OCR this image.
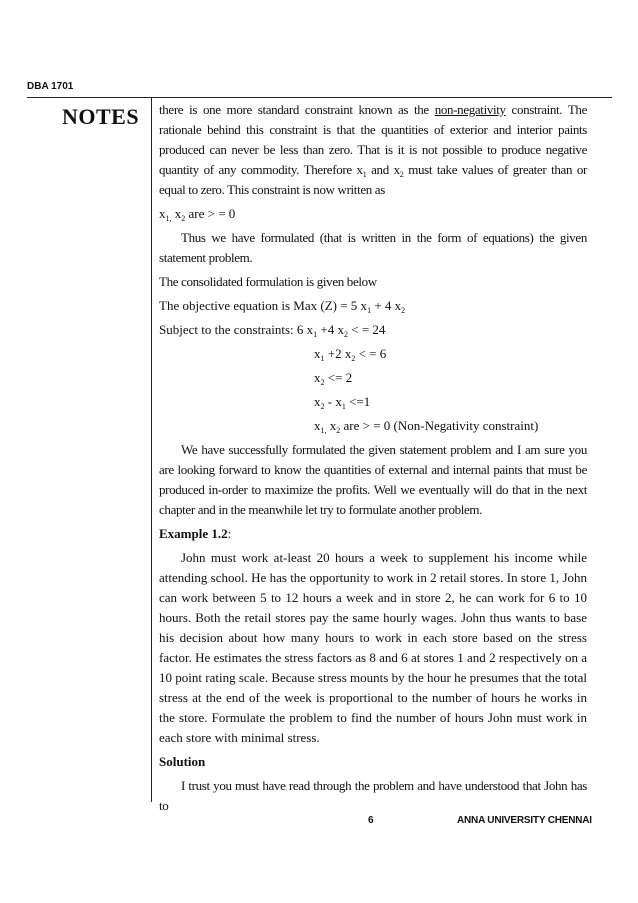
DBA 1701
NOTES there is one more standard constraint known as the non-negativity constraint. The rationale behind this constraint is that the quantities of exterior and interior paints produced can never be less than zero. That is it is not possible to produce negative quantity of any commodity. Therefore $x_1$ and $x_2$ must take values of greater than or equal to zero. This constraint is now written as

$x_{1,}$ $x_2$ are > = 0

Thus we have formulated (that is written in the form of equations) the given statement problem.

The consolidated formulation is given below

The objective equation is Max (Z) = 5 $x_1 + 4$ $x_2$

Subject to the constraints: 6 $x_1 +4$ $x_2$ < = 24

$x_1 +2$ $x_2$ < = 6

$x_2 <= 2$

$x_2 - x_1 <=1$

$x_{1,}$ $x_2$ are > = 0 (Non-Negativity constraint)

We have successfully formulated the given statement problem and I am sure you are looking forward to know the quantities of external and internal paints that must be produced in-order to maximize the profits. Well we eventually will do that in the next chapter and in the meanwhile let try to formulate another problem.

Example 1.2:

John must work at-least 20 hours a week to supplement his income while attending school. He has the opportunity to work in 2 retail stores. In store 1, John can work between 5 to 12 hours a week and in store 2, he can work for 6 to 10 hours. Both the retail stores pay the same hourly wages. John thus wants to base his decision about how many hours to work in each store based on the stress factor. He estimates the stress factors as 8 and 6 at stores 1 and 2 respectively on a 10 point rating scale. Because stress mounts by the hour he presumes that the total stress at the end of the week is proportional to the number of hours he works in the store. Formulate the problem to find the number of hours John must work in each store with minimal stress.

Solution

I trust you must have read through the problem and have understood that John has to

6	ANNA UNIVERSITY CHENNAI
